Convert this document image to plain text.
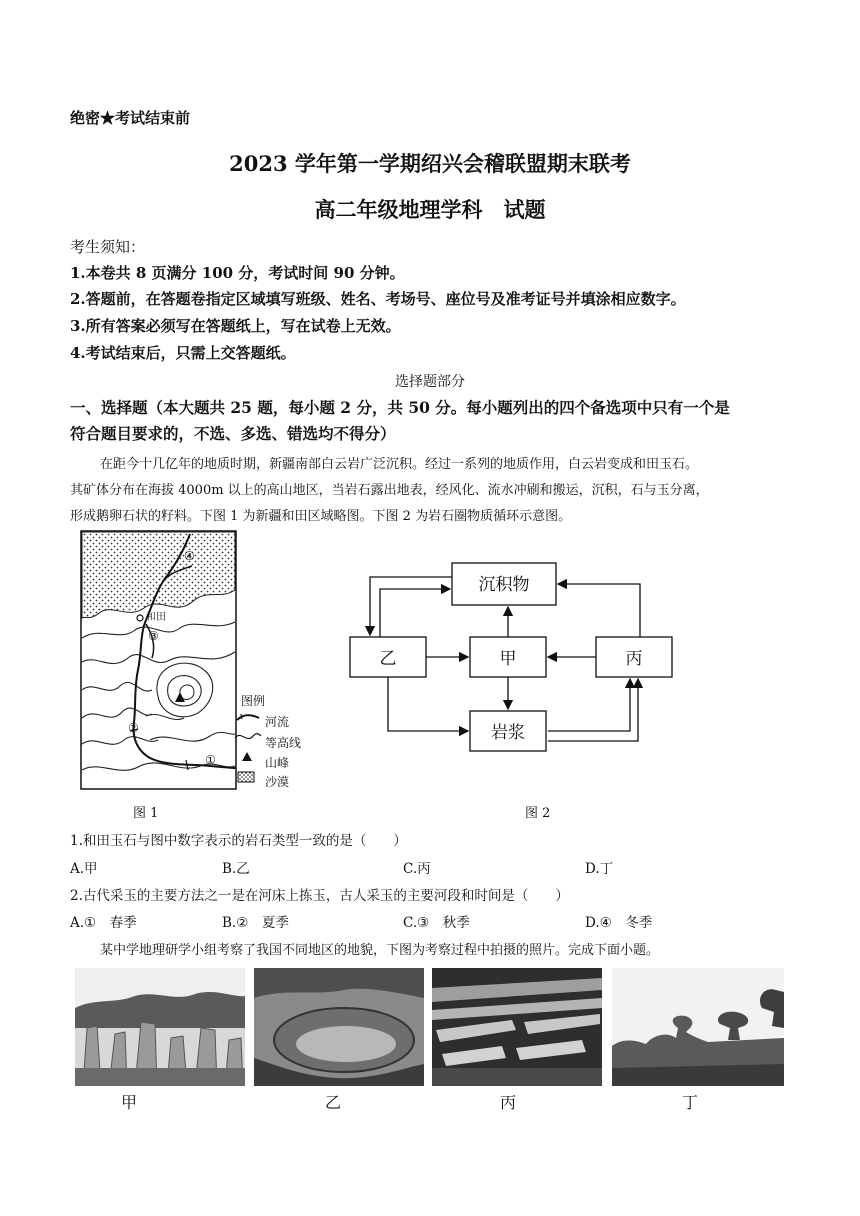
绝密★考试结束前
2023 学年第一学期绍兴会稽联盟期末联考
高二年级地理学科　试题
考生须知：
1.本卷共 8 页满分 100 分，考试时间 90 分钟。
2.答题前，在答题卷指定区域填写班级、姓名、考场号、座位号及准考证号并填涂相应数字。
3.所有答案必须写在答题纸上，写在试卷上无效。
4.考试结束后，只需上交答题纸。
选择题部分
一、选择题（本大题共 25 题，每小题 2 分，共 50 分。每小题列出的四个备选项中只有一个是
符合题目要求的，不选、多选、错选均不得分）
在距今十几亿年的地质时期，新疆南部白云岩广泛沉积。经过一系列的地质作用，白云岩变成和田玉石。
其矿体分布在海拔 4000m 以上的高山地区，当岩石露出地表，经风化、流水冲刷和搬运，沉积，石与玉分离，
形成鹅卵石状的籽料。下图 1 为新疆和田区域略图。下图 2 为岩石圈物质循环示意图。
和田
④
③
②
①
图例
河流
等高线
山峰
沙漠
沉积物
乙	甲	丙
岩浆
图 1	图 2
1.和田玉石与图中数字表示的岩石类型一致的是（　　）
A.甲	B.乙	C.丙	D.丁
2.古代采玉的主要方法之一是在河床上拣玉，古人采玉的主要河段和时间是（　　）
A.①　春季	B.②　夏季	C.③　秋季	D.④　冬季
某中学地理研学小组考察了我国不同地区的地貌，下图为考察过程中拍摄的照片。完成下面小题。
甲	乙	丙	丁
